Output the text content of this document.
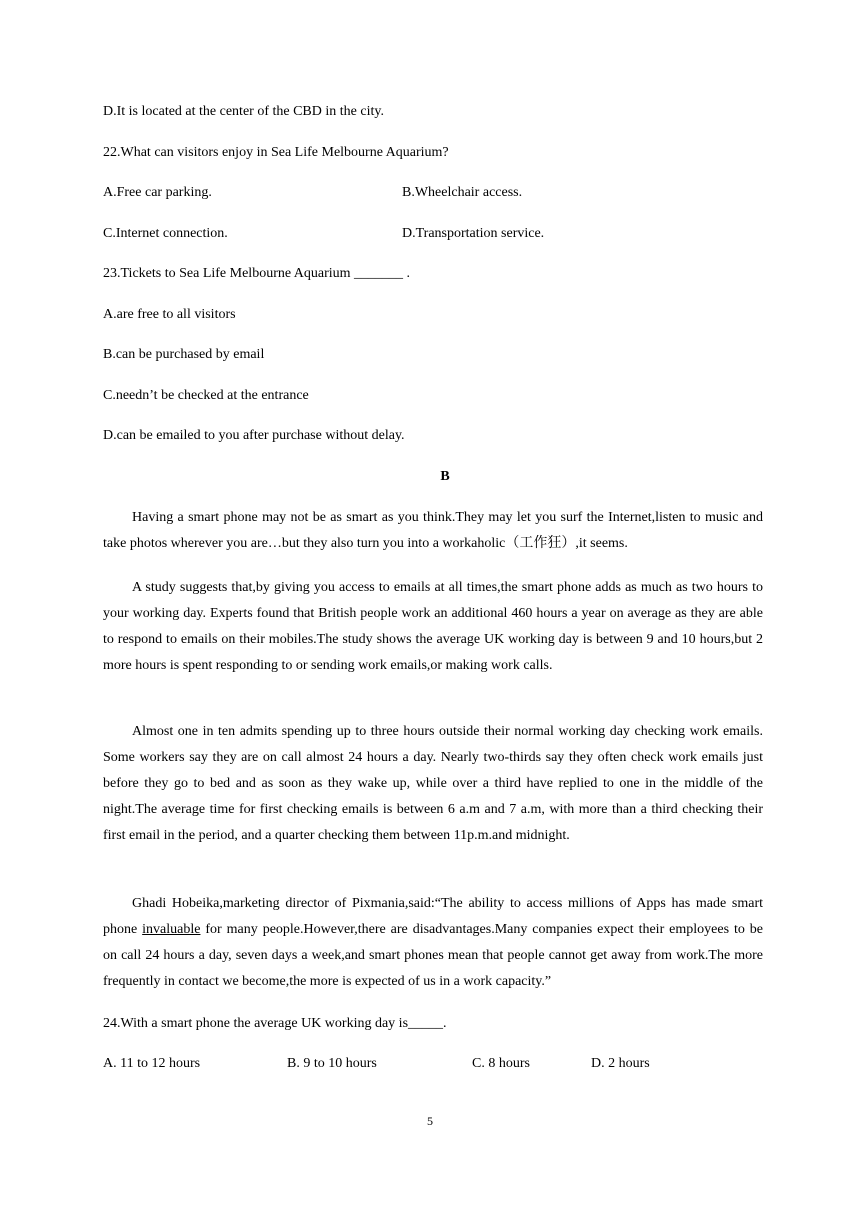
D.It is located at the center of the CBD in the city.

22.What can visitors enjoy in Sea Life Melbourne Aquarium?

A.Free car parking.	B.Wheelchair access.

C.Internet connection.	D.Transportation service.

23.Tickets to Sea Life Melbourne Aquarium _______ .

A.are free to all visitors

B.can be purchased by email

C.needn’t be checked at the entrance

D.can be emailed to you after purchase without delay.

B

Having a smart phone may not be as smart as you think.They may let you surf the Internet,listen to music and take photos wherever you are…but they also turn you into a workaholic（工作狂）,it seems.

A study suggests that,by giving you access to emails at all times,the smart phone adds as much as two hours to your working day. Experts found that British people work an additional 460 hours a year on average as they are able to respond to emails on their mobiles.The study shows the average UK working day is between 9 and 10 hours,but 2 more hours is spent responding to or sending work emails,or making work calls.

Almost one in ten admits spending up to three hours outside their normal working day checking work emails. Some workers say they are on call almost 24 hours a day. Nearly two-thirds say they often check work emails just before they go to bed and as soon as they wake up, while over a third have replied to one in the middle of the night.The average time for first checking emails is between 6 a.m and 7 a.m, with more than a third checking their first email in the period, and a quarter checking them between 11p.m.and midnight.

Ghadi Hobeika,marketing director of Pixmania,said:“The ability to access millions of Apps has made smart phone invaluable for many people.However,there are disadvantages.Many companies expect their employees to be on call 24 hours a day, seven days a week,and smart phones mean that people cannot get away from work.The more frequently in contact we become,the more is expected of us in a work capacity.”

24.With a smart phone the average UK working day is_____.

A. 11 to 12 hours	B. 9 to 10 hours	C. 8 hours	D. 2 hours

5
